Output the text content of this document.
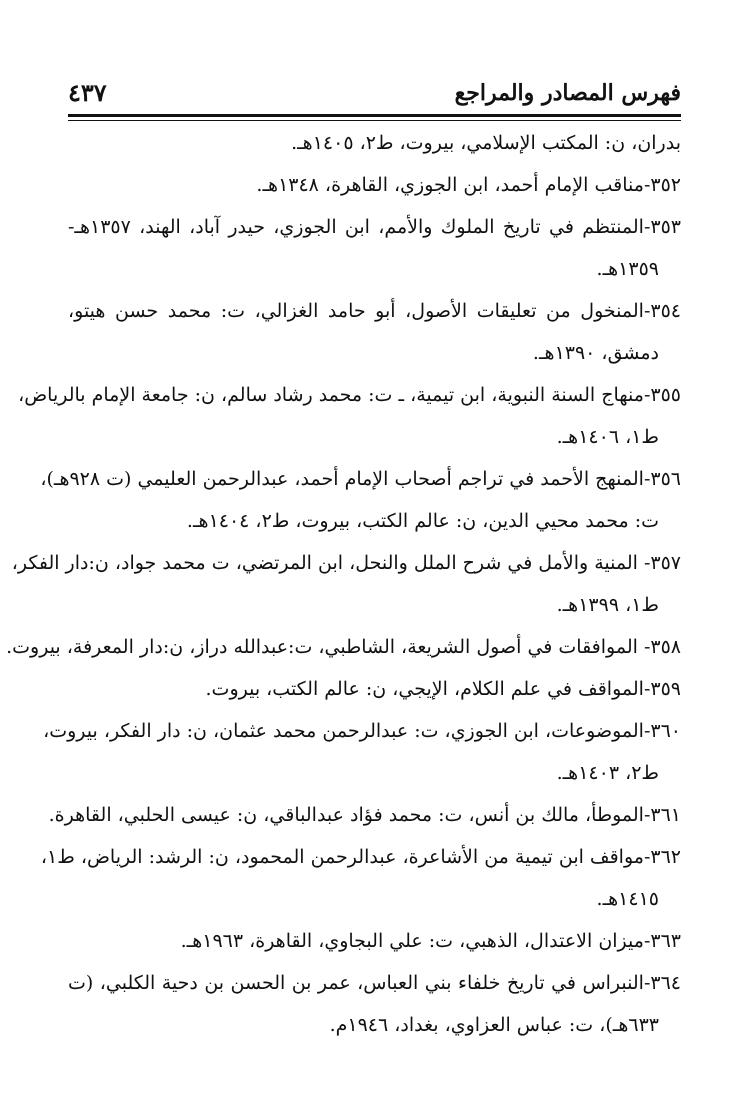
فهرس المصادر والمراجع
٤٣٧
بدران، ن: المكتب الإسلامي، بيروت، ط٢، ١٤٠٥هـ.
٣٥٢-مناقب الإمام أحمد، ابن الجوزي، القاهرة، ١٣٤٨هـ.
٣٥٣-المنتظم في تاريخ الملوك والأمم، ابن الجوزي، حيدر آباد، الهند، ١٣٥٧هـ-
١٣٥٩هـ.
٣٥٤-المنخول من تعليقات الأصول، أبو حامد الغزالي، ت: محمد حسن هيتو،
دمشق، ١٣٩٠هـ.
٣٥٥-منهاج السنة النبوية، ابن تيمية، ـ ت: محمد رشاد سالم، ن: جامعة الإمام بالرياض،
ط١، ١٤٠٦هـ.
٣٥٦-المنهج الأحمد في تراجم أصحاب الإمام أحمد، عبدالرحمن العليمي (ت ٩٢٨هـ)،
ت: محمد محيي الدين، ن: عالم الكتب، بيروت، ط٢، ١٤٠٤هـ.
٣٥٧- المنية والأمل في شرح الملل والنحل، ابن المرتضي، ت محمد جواد، ن:دار الفكر،
ط١، ١٣٩٩هـ.
٣٥٨- الموافقات في أصول الشريعة، الشاطبي، ت:عبدالله دراز، ن:دار المعرفة، بيروت.
٣٥٩-المواقف في علم الكلام، الإيجي، ن: عالم الكتب، بيروت.
٣٦٠-الموضوعات، ابن الجوزي، ت: عبدالرحمن محمد عثمان، ن: دار الفكر، بيروت،
ط٢، ١٤٠٣هـ.
٣٦١-الموطأ، مالك بن أنس، ت: محمد فؤاد عبدالباقي، ن: عيسى الحلبي، القاهرة.
٣٦٢-مواقف ابن تيمية من الأشاعرة، عبدالرحمن المحمود، ن: الرشد: الرياض، ط١،
١٤١٥هـ.
٣٦٣-ميزان الاعتدال، الذهبي، ت: علي البجاوي، القاهرة، ١٩٦٣هـ.
٣٦٤-النبراس في تاريخ خلفاء بني العباس، عمر بن الحسن بن دحية الكلبي، (ت
٦٣٣هـ)، ت: عباس العزاوي، بغداد، ١٩٤٦م.
